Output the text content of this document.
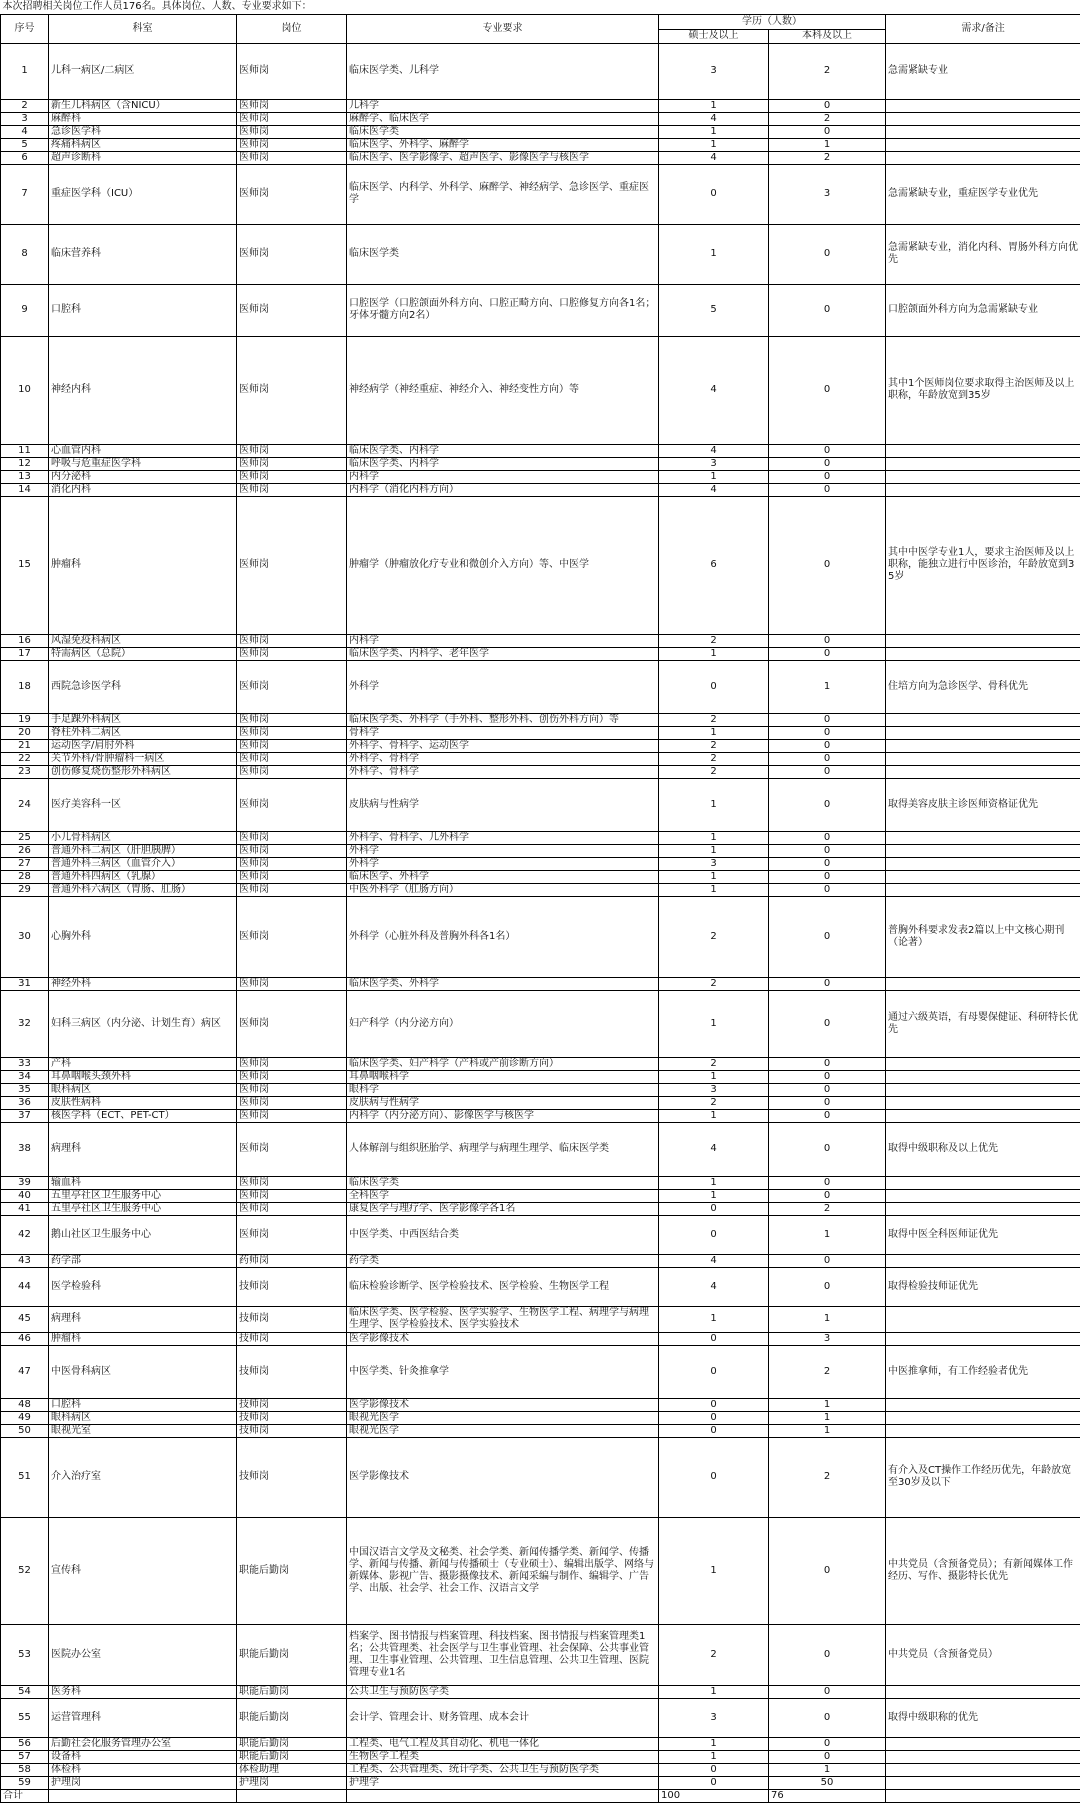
本次招聘相关岗位工作人员176名。具体岗位、人数、专业要求如下：						
序号	科室	岗位	专业要求	学历（人数）		需求/备注
				硕士及以上	本科及以上	
1	儿科一病区/二病区	医师岗	临床医学类、儿科学	3	2	急需紧缺专业
2	新生儿科病区（含NICU）	医师岗	儿科学	1	0	
3	麻醉科	医师岗	麻醉学、临床医学	4	2	
4	急诊医学科	医师岗	临床医学类	1	0	
5	疼痛科病区	医师岗	临床医学、外科学、麻醉学	1	1	
6	超声诊断科	医师岗	临床医学、医学影像学、超声医学、影像医学与核医学	4	2	
7	重症医学科（ICU）	医师岗	临床医学、内科学、外科学、麻醉学、神经病学、急诊医学、重症医学	0	3	急需紧缺专业，重症医学专业优先
8	临床营养科	医师岗	临床医学类	1	0	急需紧缺专业，消化内科、胃肠外科方向优先
9	口腔科	医师岗	口腔医学（口腔颌面外科方向、口腔正畸方向、口腔修复方向各1名；牙体牙髓方向2名）	5	0	口腔颌面外科方向为急需紧缺专业
10	神经内科	医师岗	神经病学（神经重症、神经介入、神经变性方向）等	4	0	其中1个医师岗位要求取得主治医师及以上职称，年龄放宽到35岁
11	心血管内科	医师岗	临床医学类、内科学	4	0	
12	呼吸与危重症医学科	医师岗	临床医学类、内科学	3	0	
13	内分泌科	医师岗	内科学	1	0	
14	消化内科	医师岗	内科学（消化内科方向）	4	0	
15	肿瘤科	医师岗	肿瘤学（肿瘤放化疗专业和微创介入方向）等、中医学	6	0	其中中医学专业1人，要求主治医师及以上职称，能独立进行中医诊治，年龄放宽到35岁
16	风湿免疫科病区	医师岗	内科学	2	0	
17	特需病区（总院）	医师岗	临床医学类、内科学、老年医学	1	0	
18	西院急诊医学科	医师岗	外科学	0	1	住培方向为急诊医学、骨科优先
19	手足踝外科病区	医师岗	临床医学类、外科学（手外科、整形外科、创伤外科方向）等	2	0	
20	脊柱外科二病区	医师岗	骨科学	1	0	
21	运动医学/肩肘外科	医师岗	外科学、骨科学、运动医学	2	0	
22	关节外科/骨肿瘤科一病区	医师岗	外科学、骨科学	2	0	
23	创伤修复烧伤整形外科病区	医师岗	外科学、骨科学	2	0	
24	医疗美容科一区	医师岗	皮肤病与性病学	1	0	取得美容皮肤主诊医师资格证优先
25	小儿骨科病区	医师岗	外科学、骨科学、儿外科学	1	0	
26	普通外科二病区（肝胆胰脾）	医师岗	外科学	1	0	
27	普通外科三病区（血管介入）	医师岗	外科学	3	0	
28	普通外科四病区（乳腺）	医师岗	临床医学、外科学	1	0	
29	普通外科六病区（胃肠、肛肠）	医师岗	中医外科学（肛肠方向）	1	0	
30	心胸外科	医师岗	外科学（心脏外科及普胸外科各1名）	2	0	普胸外科要求发表2篇以上中文核心期刊（论著）
31	神经外科	医师岗	临床医学类、外科学	2	0	
32	妇科三病区（内分泌、计划生育）病区	医师岗	妇产科学（内分泌方向）	1	0	通过六级英语，有母婴保健证、科研特长优先
33	产科	医师岗	临床医学类、妇产科学（产科或产前诊断方向）	2	0	
34	耳鼻咽喉头颈外科	医师岗	耳鼻咽喉科学	1	0	
35	眼科病区	医师岗	眼科学	3	0	
36	皮肤性病科	医师岗	皮肤病与性病学	2	0	
37	核医学科（ECT、PET-CT）	医师岗	内科学（内分泌方向）、影像医学与核医学	1	0	
38	病理科	医师岗	人体解剖与组织胚胎学、病理学与病理生理学、临床医学类	4	0	取得中级职称及以上优先
39	输血科	医师岗	临床医学类	1	0	
40	五里亭社区卫生服务中心	医师岗	全科医学	1	0	
41	五里亭社区卫生服务中心	医师岗	康复医学与理疗学、医学影像学各1名	0	2	
42	鹅山社区卫生服务中心	医师岗	中医学类、中西医结合类	0	1	取得中医全科医师证优先
43	药学部	药师岗	药学类	4	0	
44	医学检验科	技师岗	临床检验诊断学、医学检验技术、医学检验、生物医学工程	4	0	取得检验技师证优先
45	病理科	技师岗	临床医学类、医学检验、医学实验学、生物医学工程、病理学与病理生理学、医学检验技术、医学实验技术	1	1	
46	肿瘤科	技师岗	医学影像技术	0	3	
47	中医骨科病区	技师岗	中医学类、针灸推拿学	0	2	中医推拿师，有工作经验者优先
48	口腔科	技师岗	医学影像技术	0	1	
49	眼科病区	技师岗	眼视光医学	0	1	
50	眼视光室	技师岗	眼视光医学	0	1	
51	介入治疗室	技师岗	医学影像技术	0	2	有介入及CT操作工作经历优先，年龄放宽至30岁及以下
52	宣传科	职能后勤岗	中国汉语言文学及文秘类、社会学类、新闻传播学类、新闻学、传播学、新闻与传播、新闻与传播硕士（专业硕士）、编辑出版学、网络与新媒体、影视广告、摄影摄像技术、新闻采编与制作、编辑学、广告学、出版、社会学、社会工作、汉语言文学	1	0	中共党员（含预备党员）；有新闻媒体工作经历、写作、摄影特长优先
53	医院办公室	职能后勤岗	档案学、图书情报与档案管理、科技档案、图书情报与档案管理类1名；公共管理类、社会医学与卫生事业管理、社会保障、公共事业管理、卫生事业管理、公共管理、卫生信息管理、公共卫生管理、医院管理专业1名	2	0	中共党员（含预备党员）
54	医务科	职能后勤岗	公共卫生与预防医学类	1	0	
55	运营管理科	职能后勤岗	会计学、管理会计、财务管理、成本会计	3	0	取得中级职称的优先
56	后勤社会化服务管理办公室	职能后勤岗	工程类、电气工程及其自动化、机电一体化	1	0	
57	设备科	职能后勤岗	生物医学工程类	1	0	
58	体检科	体检助理	工程类、公共管理类、统计学类、公共卫生与预防医学类	0	1	
59	护理岗	护理岗	护理学	0	50	
合计				100	76	
